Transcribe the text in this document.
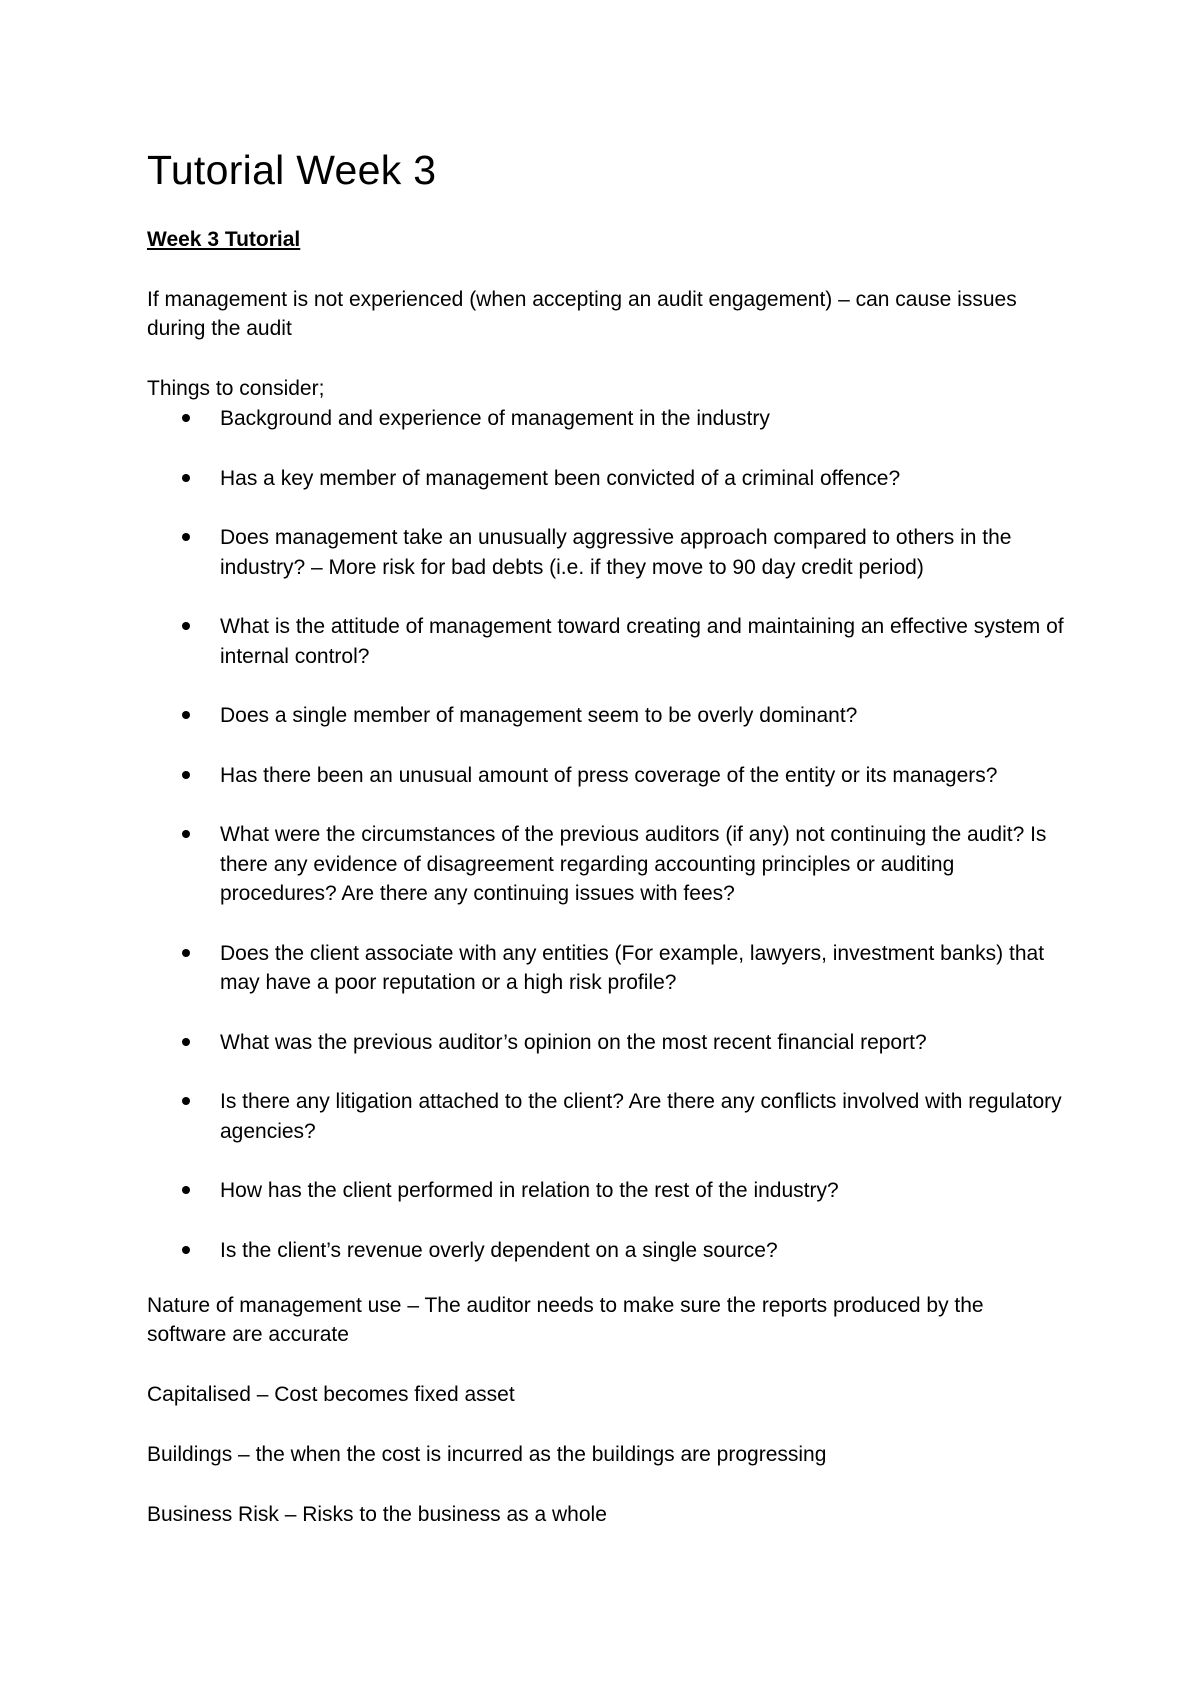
Tutorial Week 3
Week 3 Tutorial

If management is not experienced (when accepting an audit engagement) – can cause issues during the audit

Things to consider;

Background and experience of management in the industry
Has a key member of management been convicted of a criminal offence?
Does management take an unusually aggressive approach compared to others in the industry? – More risk for bad debts (i.e. if they move to 90 day credit period)
What is the attitude of management toward creating and maintaining an effective system of internal control?
Does a single member of management seem to be overly dominant?
Has there been an unusual amount of press coverage of the entity or its managers?
What were the circumstances of the previous auditors (if any) not continuing the audit? Is there any evidence of disagreement regarding accounting principles or auditing procedures? Are there any continuing issues with fees?
Does the client associate with any entities (For example, lawyers, investment banks) that may have a poor reputation or a high risk profile?
What was the previous auditor’s opinion on the most recent financial report?
Is there any litigation attached to the client? Are there any conflicts involved with regulatory agencies?
How has the client performed in relation to the rest of the industry?
Is the client’s revenue overly dependent on a single source?

Nature of management use – The auditor needs to make sure the reports produced by the software are accurate

Capitalised – Cost becomes fixed asset

Buildings – the when the cost is incurred as the buildings are progressing

Business Risk – Risks to the business as a whole
